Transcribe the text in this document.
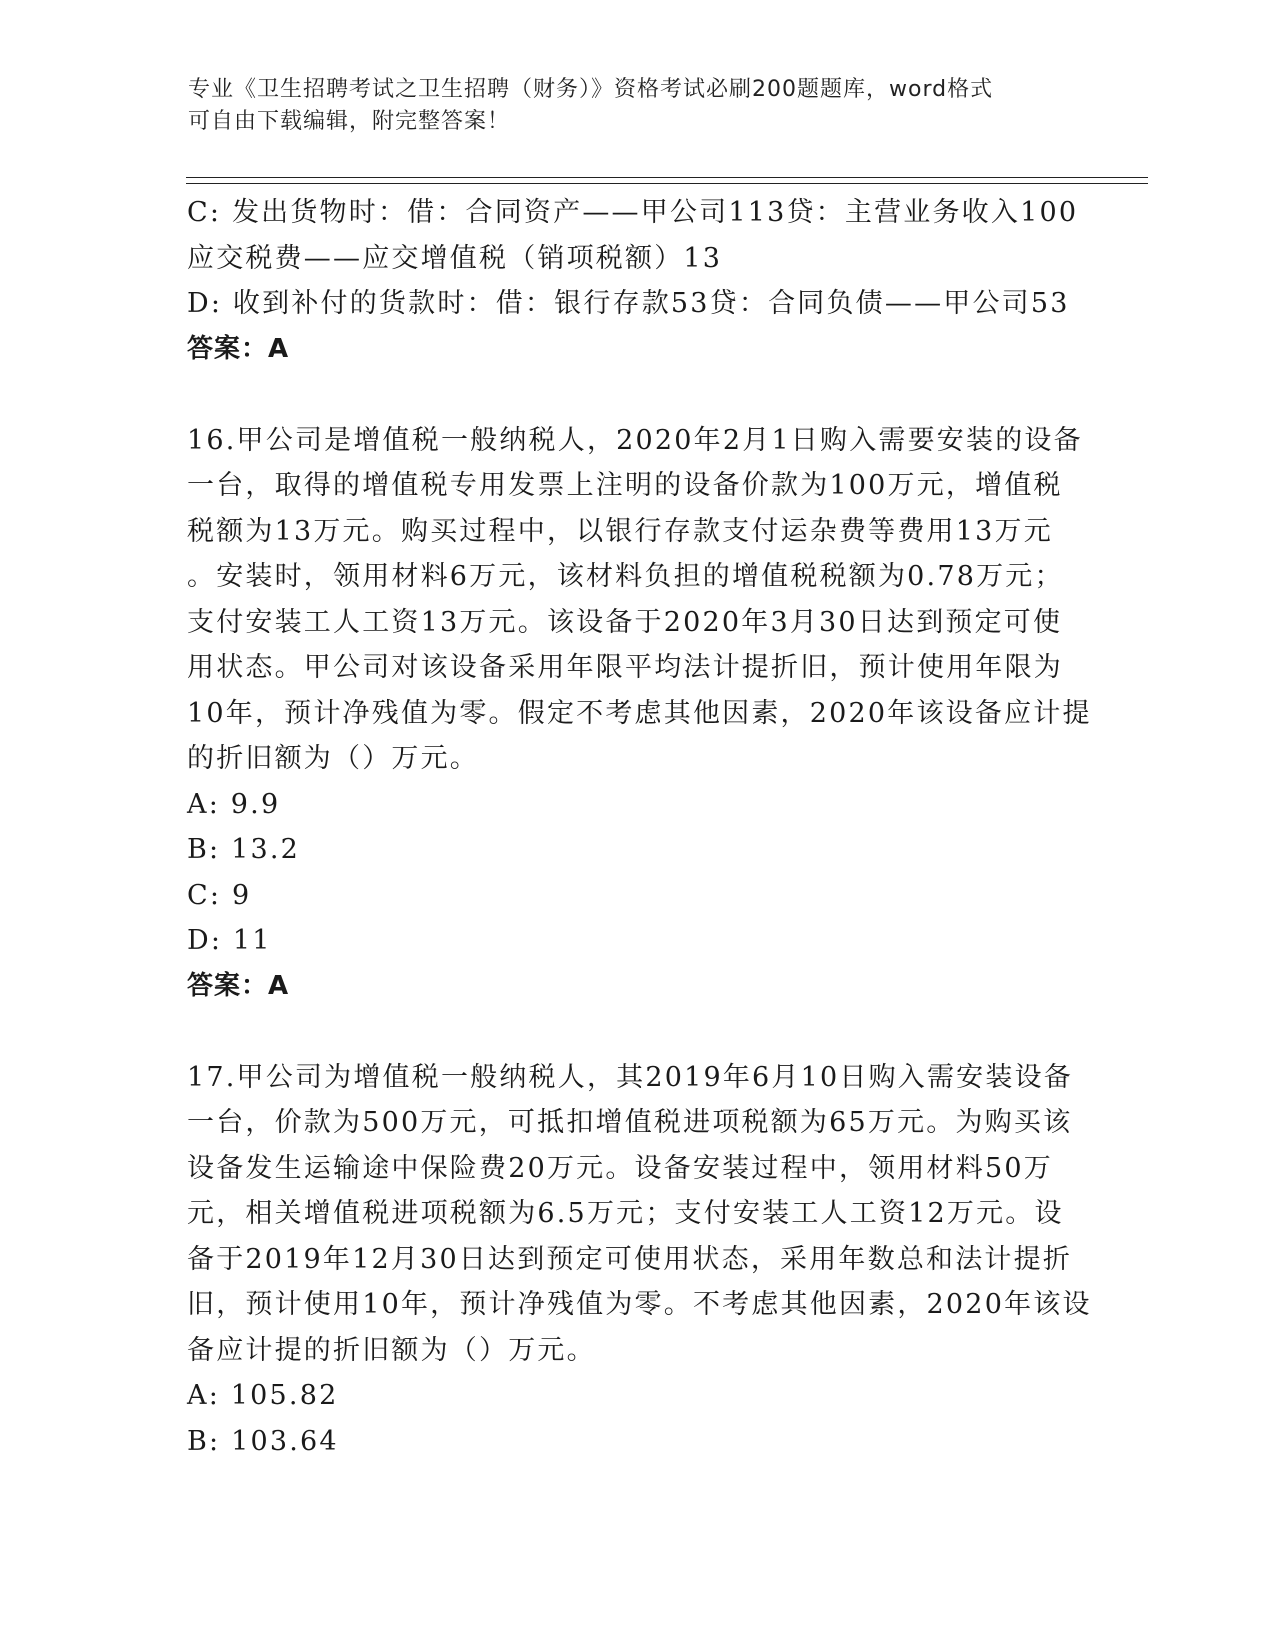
专业《卫生招聘考试之卫生招聘（财务）》资格考试必刷200题题库，word格式

可自由下载编辑，附完整答案！

C: 发出货物时：借：合同资产——甲公司113贷：主营业务收入100

应交税费——应交增值税（销项税额）13

D: 收到补付的货款时：借：银行存款53贷：合同负债——甲公司53

答案：A

16.甲公司是增值税一般纳税人，2020年2月1日购入需要安装的设备

一台，取得的增值税专用发票上注明的设备价款为100万元，增值税

税额为13万元。购买过程中，以银行存款支付运杂费等费用13万元

。安装时，领用材料6万元，该材料负担的增值税税额为0.78万元；

支付安装工人工资13万元。该设备于2020年3月30日达到预定可使

用状态。甲公司对该设备采用年限平均法计提折旧，预计使用年限为

10年，预计净残值为零。假定不考虑其他因素，2020年该设备应计提

的折旧额为（）万元。

A: 9.9

B: 13.2

C: 9

D: 11

答案：A

17.甲公司为增值税一般纳税人，其2019年6月10日购入需安装设备

一台，价款为500万元，可抵扣增值税进项税额为65万元。为购买该

设备发生运输途中保险费20万元。设备安装过程中，领用材料50万

元，相关增值税进项税额为6.5万元；支付安装工人工资12万元。设

备于2019年12月30日达到预定可使用状态，采用年数总和法计提折

旧，预计使用10年，预计净残值为零。不考虑其他因素，2020年该设

备应计提的折旧额为（）万元。

A: 105.82

B: 103.64
